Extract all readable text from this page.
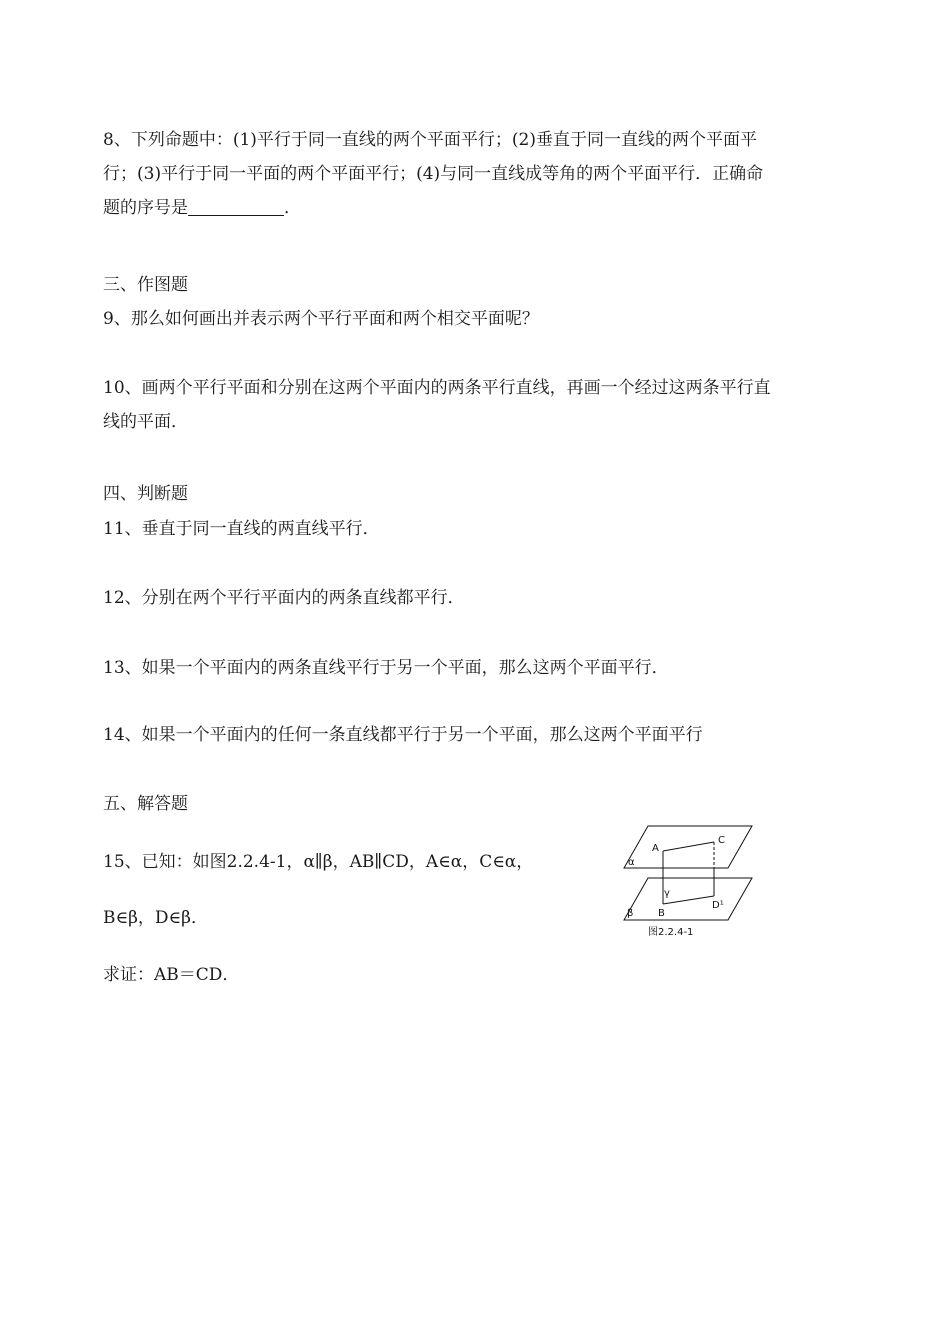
8、下列命题中：(1)平行于同一直线的两个平面平行；(2)垂直于同一直线的两个平面平
行；(3)平行于同一平面的两个平面平行；(4)与同一直线成等角的两个平面平行．正确命
题的序号是	．
三、作图题
9、那么如何画出并表示两个平行平面和两个相交平面呢？
10、画两个平行平面和分别在这两个平面内的两条平行直线，再画一个经过这两条平行直
线的平面．
四、判断题
11、垂直于同一直线的两直线平行．
12、分别在两个平行平面内的两条直线都平行．
13、如果一个平面内的两条直线平行于另一个平面，那么这两个平面平行．
14、如果一个平面内的任何一条直线都平行于另一个平面，那么这两个平面平行
五、解答题
15、已知：如图2.2.4-1，α∥β，AB∥CD，A∈α，C∈α，
B∈β，D∈β．
求证：AB＝CD．
A
C
B
D¹
α
β
γ
图2.2.4-1
